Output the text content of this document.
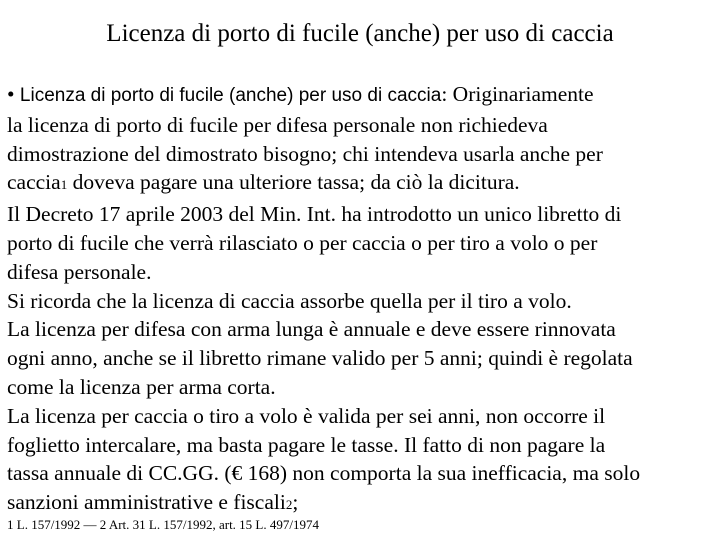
Licenza di porto di fucile (anche) per uso di caccia
• Licenza di porto di fucile (anche) per uso di caccia: Originariamente
la licenza di porto di fucile per difesa personale non richiedeva
dimostrazione del dimostrato bisogno; chi intendeva usarla anche per
caccia1 doveva pagare una ulteriore tassa; da ciò la dicitura.
Il Decreto 17 aprile 2003 del Min. Int. ha introdotto un unico libretto di
porto di fucile che verrà rilasciato o per caccia o per tiro a volo o per
difesa personale.
Si ricorda che la licenza di caccia assorbe quella per il tiro a volo.
La licenza per difesa con arma lunga è annuale e deve essere rinnovata
ogni anno, anche se il libretto rimane valido per 5 anni; quindi è regolata
come la licenza per arma corta.
La licenza per caccia o tiro a volo è valida per sei anni, non occorre il
foglietto intercalare, ma basta pagare le tasse. Il fatto di non pagare la
tassa annuale di CC.GG. (€ 168) non comporta la sua inefficacia, ma solo
sanzioni amministrative e fiscali2;
1 L. 157/1992 — 2 Art. 31 L. 157/1992, art. 15 L. 497/1974
